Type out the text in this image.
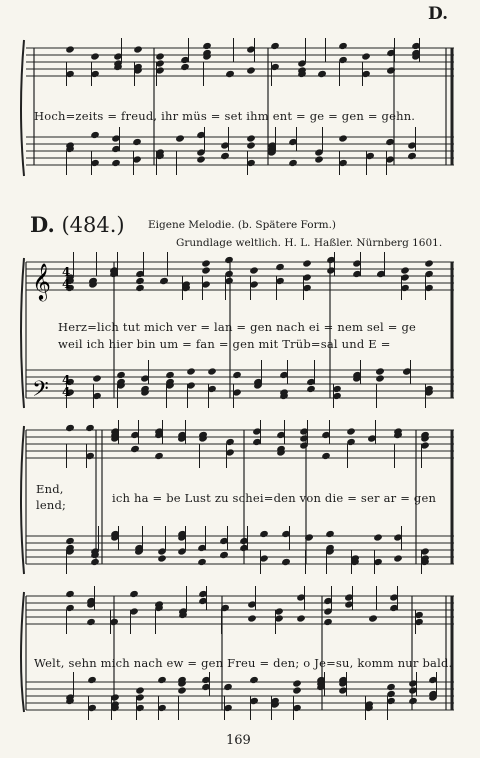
D.
D. (484.) Eigene Melodie. (b. Spätere Form.)
Grundlage weltlich. H. L. Haßler. Nürnberg 1601.
𝄞
𝄢
4
4
4
4
Hoch=zeits = freud, ihr müs = set ihm ent = ge = gen = gehn.
Herz=lich tut mich ver = lan = gen nach ei = nem sel = ge
weil ich hier bin um = fan = gen mit Trüb=sal und E =
End,
lend;	ich ha = be Lust zu schei=den von die = ser ar = gen
Welt, sehn mich nach ew = gen Freu = den; o Je=su, komm nur bald.
169
